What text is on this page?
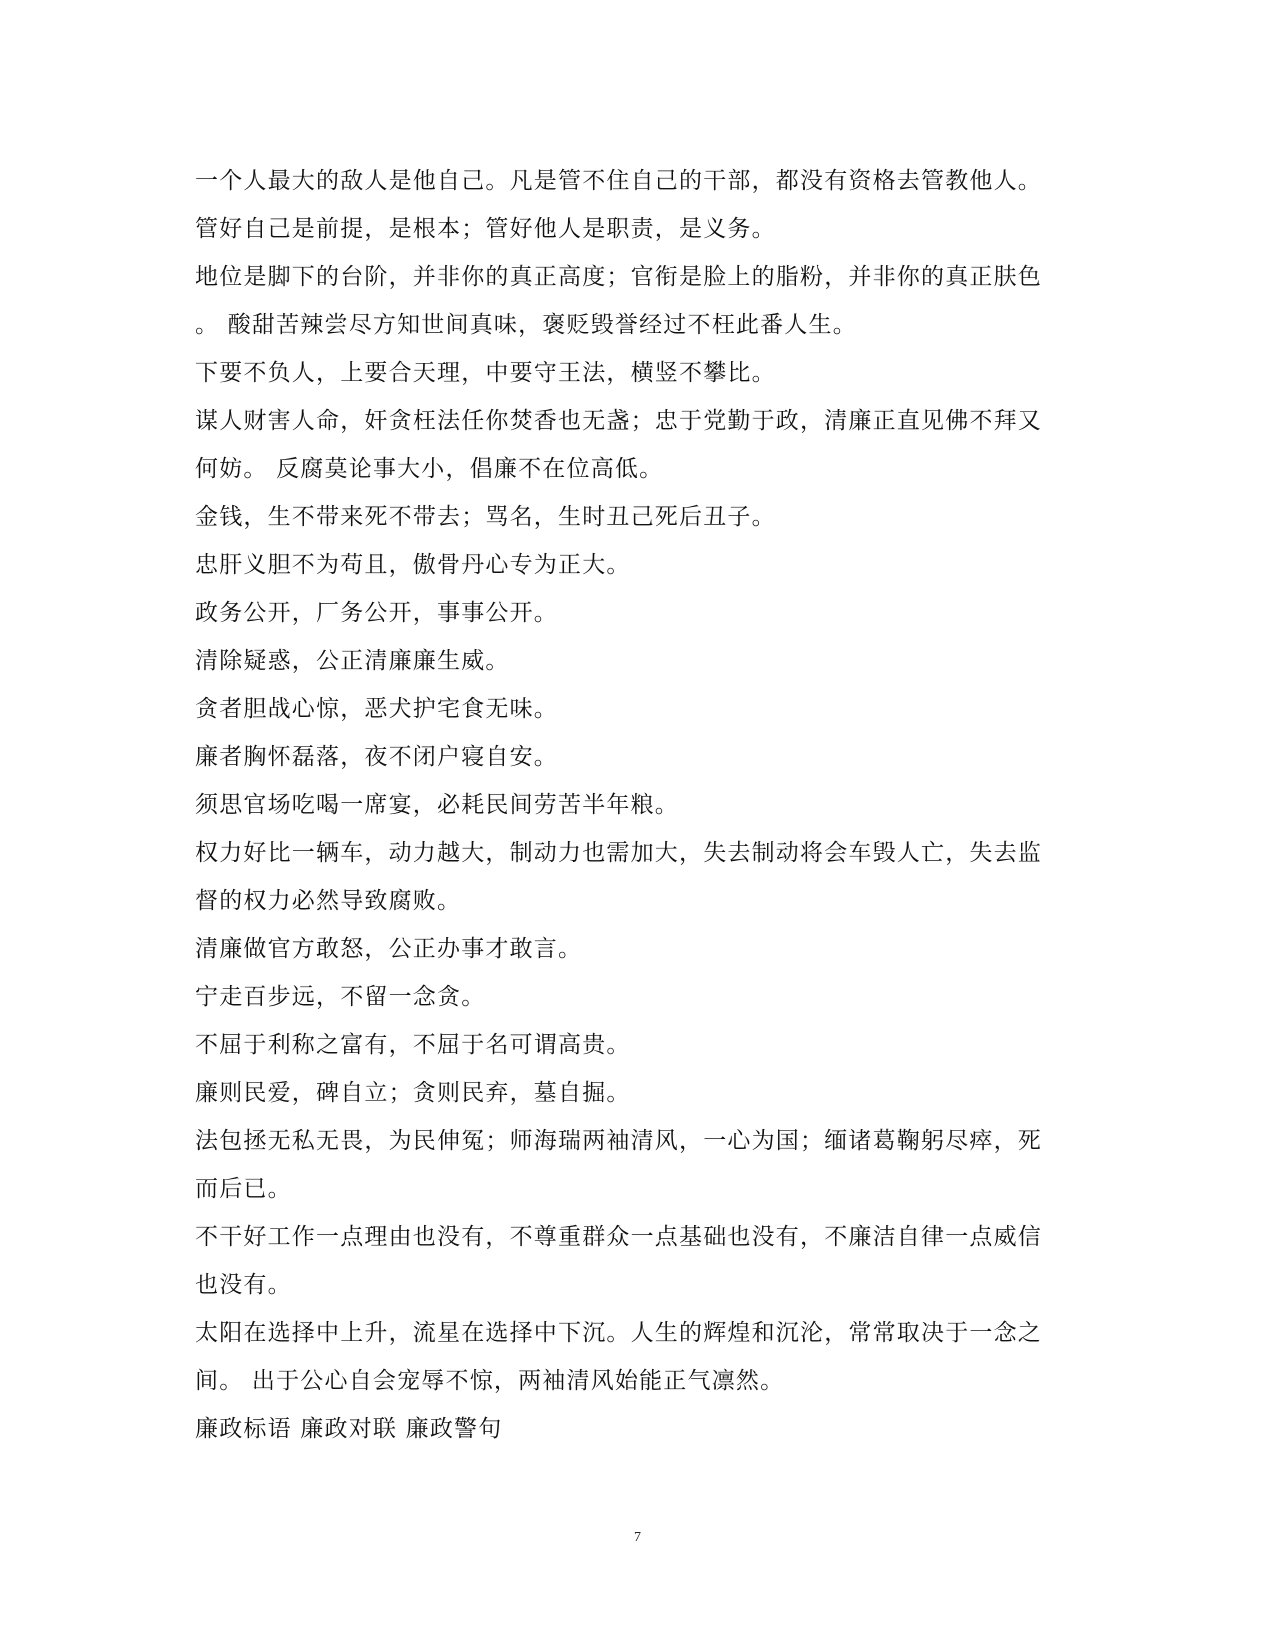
一个人最大的敌人是他自己。凡是管不住自己的干部，都没有资格去管教他人。
管好自己是前提，是根本；管好他人是职责，是义务。
地位是脚下的台阶，并非你的真正高度；官衔是脸上的脂粉，并非你的真正肤色
。 酸甜苦辣尝尽方知世间真味，褒贬毁誉经过不枉此番人生。
下要不负人，上要合天理，中要守王法，横竖不攀比。
谋人财害人命，奸贪枉法任你焚香也无盏；忠于党勤于政，清廉正直见佛不拜又
何妨。 反腐莫论事大小，倡廉不在位高低。
金钱，生不带来死不带去；骂名，生时丑己死后丑子。
忠肝义胆不为苟且，傲骨丹心专为正大。
政务公开，厂务公开，事事公开。
清除疑惑，公正清廉廉生威。
贪者胆战心惊，恶犬护宅食无味。
廉者胸怀磊落，夜不闭户寝自安。
须思官场吃喝一席宴，必耗民间劳苦半年粮。
权力好比一辆车，动力越大，制动力也需加大，失去制动将会车毁人亡，失去监
督的权力必然导致腐败。
清廉做官方敢怒，公正办事才敢言。
宁走百步远，不留一念贪。
不屈于利称之富有，不屈于名可谓高贵。
廉则民爱，碑自立；贪则民弃，墓自掘。
法包拯无私无畏，为民伸冤；师海瑞两袖清风，一心为国；缅诸葛鞠躬尽瘁，死
而后已。
不干好工作一点理由也没有，不尊重群众一点基础也没有，不廉洁自律一点威信
也没有。
太阳在选择中上升，流星在选择中下沉。人生的辉煌和沉沦，常常取决于一念之
间。 出于公心自会宠辱不惊，两袖清风始能正气凛然。
廉政标语 廉政对联 廉政警句
7
